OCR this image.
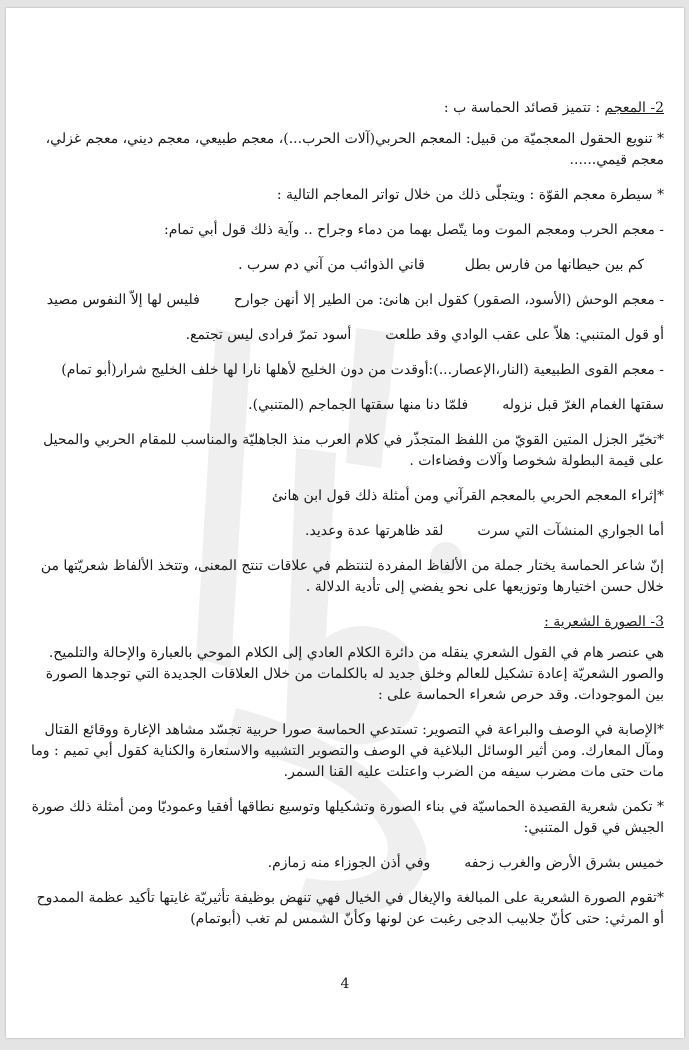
2- المعجم : تتميز قصائد الحماسة ب :

* تنويع الحقول المعجميّة من قبيل: المعجم الحربي(آلات الحرب...)، معجم طبيعي، معجم ديني، معجم غزلي، معجم قيمي......

* سيطرة معجم القوّة : ويتجلّى ذلك من خلال تواتر المعاجم التالية :

- معجم الحرب ومعجم الموت وما يتّصل بهما من دماء وجراح .. وآية ذلك قول أبي تمام:

كم بين حيطانها من فارس بطل
قاني الذوائب من آني دم سرب .

- معجم الوحش (الأسود، الصقور) كقول ابن هانئ: من الطير إلا أنهن جوارح
فليس لها إلاّ النفوس مصيد

أو قول المتنبي: هلاّ على عقب الوادي وقد طلعت
أسود تمرّ فرادى ليس تجتمع.

- معجم القوى الطبيعية (النار،الإعصار...):أوقدت من دون الخليج لأهلها نارا لها خلف الخليج شرار(أبو تمام)

سقتها الغمام الغرّ قبل نزوله
فلمّا دنا منها سقتها الجماجم (المتنبي).

*تخيّر الجزل المتين القويّ من اللفظ المتجذّر في كلام العرب منذ الجاهليّة والمناسب للمقام الحربي والمحيل على قيمة البطولة شخوصا وآلات وفضاءات .

*إثراء المعجم الحربي بالمعجم القرآني ومن أمثلة ذلك قول ابن هانئ

أما الجواري المنشآت التي سرت
لقد ظاهرتها عدة وعديد.

إنّ شاعر الحماسة يختار جملة من الألفاظ المفردة لتنتظم في علاقات تنتج المعنى، وتتخذ الألفاظ شعريّتها من خلال حسن اختيارها وتوزيعها على نحو يفضي إلى تأدية الدلالة .

3- الصورة الشعرية :

هي عنصر هام في القول الشعري ينقله من دائرة الكلام العادي إلى الكلام الموحي بالعبارة والإحالة والتلميح. والصور الشعريّة إعادة تشكيل للعالم وخلق جديد له بالكلمات من خلال العلاقات الجديدة التي توجدها الصورة بين الموجودات. وقد حرص شعراء الحماسة على :

*الإصابة في الوصف والبراعة في التصوير: تستدعي الحماسة صورا حربية تجسّد مشاهد الإغارة ووقائع القتال ومآل المعارك. ومن أثير الوسائل البلاغية في الوصف والتصوير التشبيه والاستعارة والكناية كقول أبي تميم : وما مات حتى مات مضرب سيفه من الضرب واعتلت عليه القنا السمر.

* تكمن شعرية القصيدة الحماسيّة في بناء الصورة وتشكيلها وتوسيع نطاقها أفقيا وعموديّا ومن أمثلة ذلك صورة الجيش في قول المتنبي:

خميس بشرق الأرض والغرب زحفه
وفي أذن الجوزاء منه زمازم.

*تقوم الصورة الشعرية على المبالغة والإيغال في الخيال فهي تنهض بوظيفة تأثيريّة غايتها تأكيد عظمة الممدوح أو المرثي: حتى كأنّ جلابيب الدجى رغبت عن لونها وكأنّ الشمس لم تغب (أبوتمام)

4
